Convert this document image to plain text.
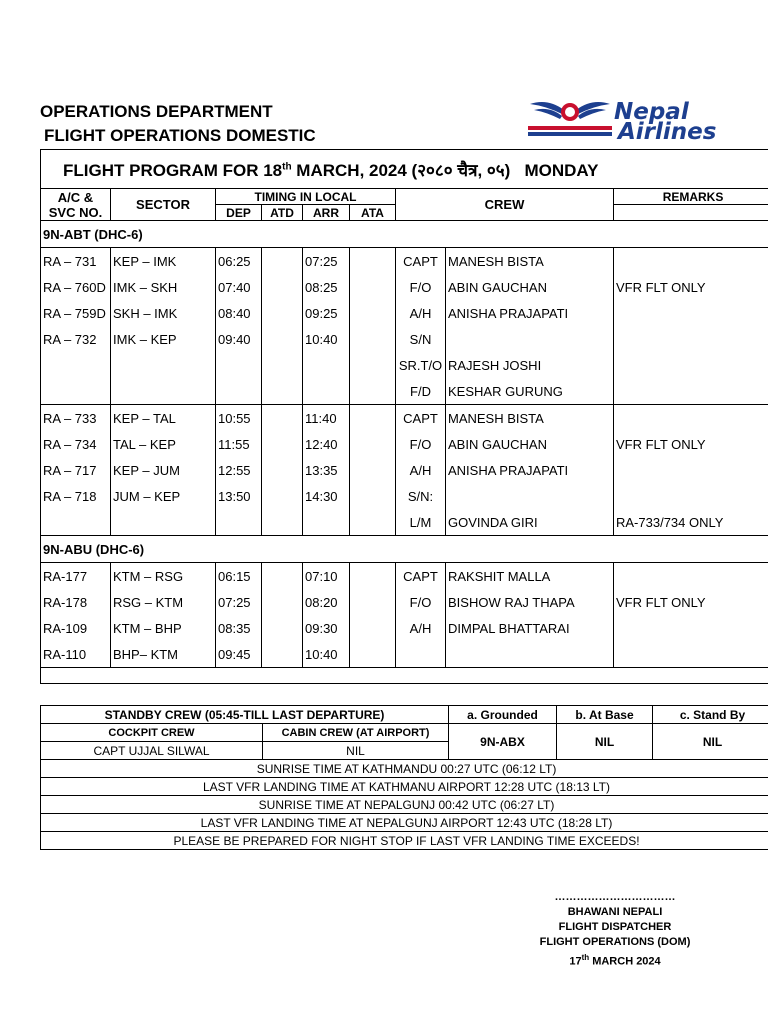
OPERATIONS DEPARTMENT
FLIGHT OPERATIONS DOMESTIC
Nepal
Airlines
FLIGHT PROGRAM FOR 18th MARCH, 2024 (२०८० चैत्र, ०५)   MONDAY								

A/C &
SVC NO.	SECTOR	TIMING IN LOCAL				CREW		REMARKS
		DEP	ATD	ARR	ATA			
9N-ABT (DHC-6)								
RA – 731	KEP – IMK	06:25		07:25		CAPT	MANESH BISTA	
RA – 760D	IMK – SKH	07:40		08:25		F/O	ABIN GAUCHAN	VFR FLT ONLY
RA – 759D	SKH – IMK	08:40		09:25		A/H	ANISHA PRAJAPATI	
RA – 732	IMK – KEP	09:40		10:40		S/N		
						SR.T/O	RAJESH JOSHI	
						F/D	KESHAR GURUNG	
RA – 733	KEP – TAL	10:55		11:40		CAPT	MANESH BISTA	
RA – 734	TAL – KEP	11:55		12:40		F/O	ABIN GAUCHAN	VFR FLT ONLY
RA – 717	KEP – JUM	12:55		13:35		A/H	ANISHA PRAJAPATI	
RA – 718	JUM – KEP	13:50		14:30		S/N:		
						L/M	GOVINDA GIRI	RA-733/734 ONLY
9N-ABU (DHC-6)								
RA-177	KTM – RSG	06:15		07:10		CAPT	RAKSHIT MALLA	
RA-178	RSG – KTM	07:25		08:20		F/O	BISHOW RAJ THAPA	VFR FLT ONLY
RA-109	KTM – BHP	08:35		09:30		A/H	DIMPAL BHATTARAI	
RA-110	BHP– KTM	09:45		10:40				

STANDBY CREW (05:45-TILL LAST DEPARTURE)		a. Grounded	b. At Base	c. Stand By
COCKPIT CREW	CABIN CREW (AT AIRPORT)	9N-ABX	NIL	NIL
CAPT UJJAL SILWAL	NIL			
SUNRISE TIME AT KATHMANDU 00:27 UTC (06:12 LT)				
LAST VFR LANDING TIME AT KATHMANU AIRPORT 12:28 UTC (18:13 LT)				
SUNRISE TIME AT NEPALGUNJ 00:42 UTC (06:27 LT)				
LAST VFR LANDING TIME AT NEPALGUNJ AIRPORT 12:43 UTC (18:28 LT)				
PLEASE BE PREPARED FOR NIGHT STOP IF LAST VFR LANDING TIME EXCEEDS!				
……………………………
BHAWANI NEPALI
FLIGHT DISPATCHER
FLIGHT OPERATIONS (DOM)
17th MARCH 2024
